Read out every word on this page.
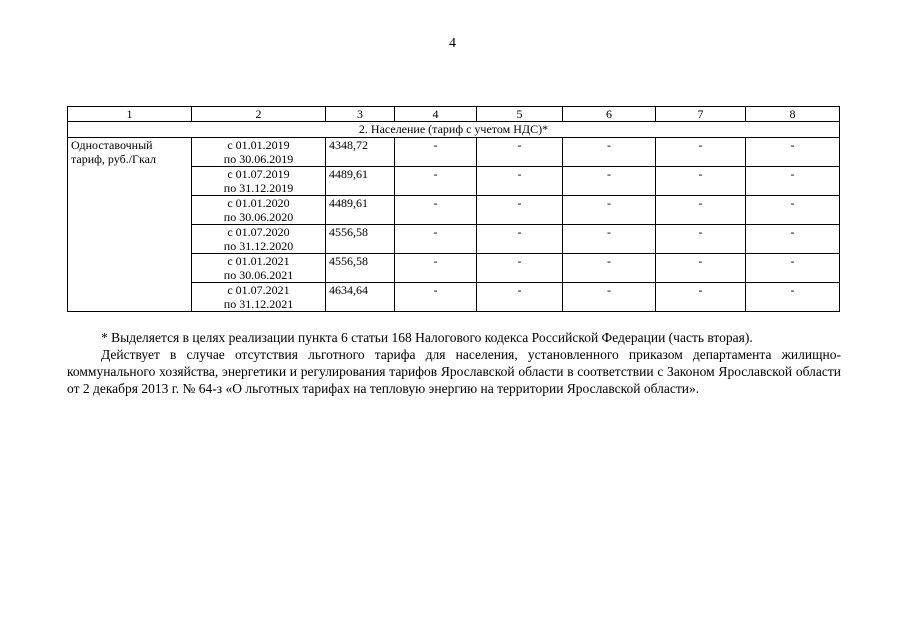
4
1	2	3	4	5	6	7	8
2. Население (тариф с учетом НДС)*							
Одноставочный тариф, руб./Гкал	с 01.01.2019
по 30.06.2019	4348,72	-	-	-	-	-

	с 01.07.2019
по 31.12.2019	4489,61	-	-	-	-	-

	с 01.01.2020
по 30.06.2020	4489,61	-	-	-	-	-

	с 01.07.2020
по 31.12.2020	4556,58	-	-	-	-	-

	с 01.01.2021
по 30.06.2021	4556,58	-	-	-	-	-

	с 01.07.2021
по 31.12.2021	4634,64	-	-	-	-	-

* Выделяется в целях реализации пункта 6 статьи 168 Налогового кодекса Российской Федерации (часть вторая).

Действует в случае отсутствия льготного тарифа для населения, установленного приказом департамента жилищно-коммунального хозяйства, энергетики и регулирования тарифов Ярославской области в соответствии с Законом Ярославской области от 2 декабря 2013 г. № 64-з «О льготных тарифах на тепловую энергию на территории Ярославской области».
